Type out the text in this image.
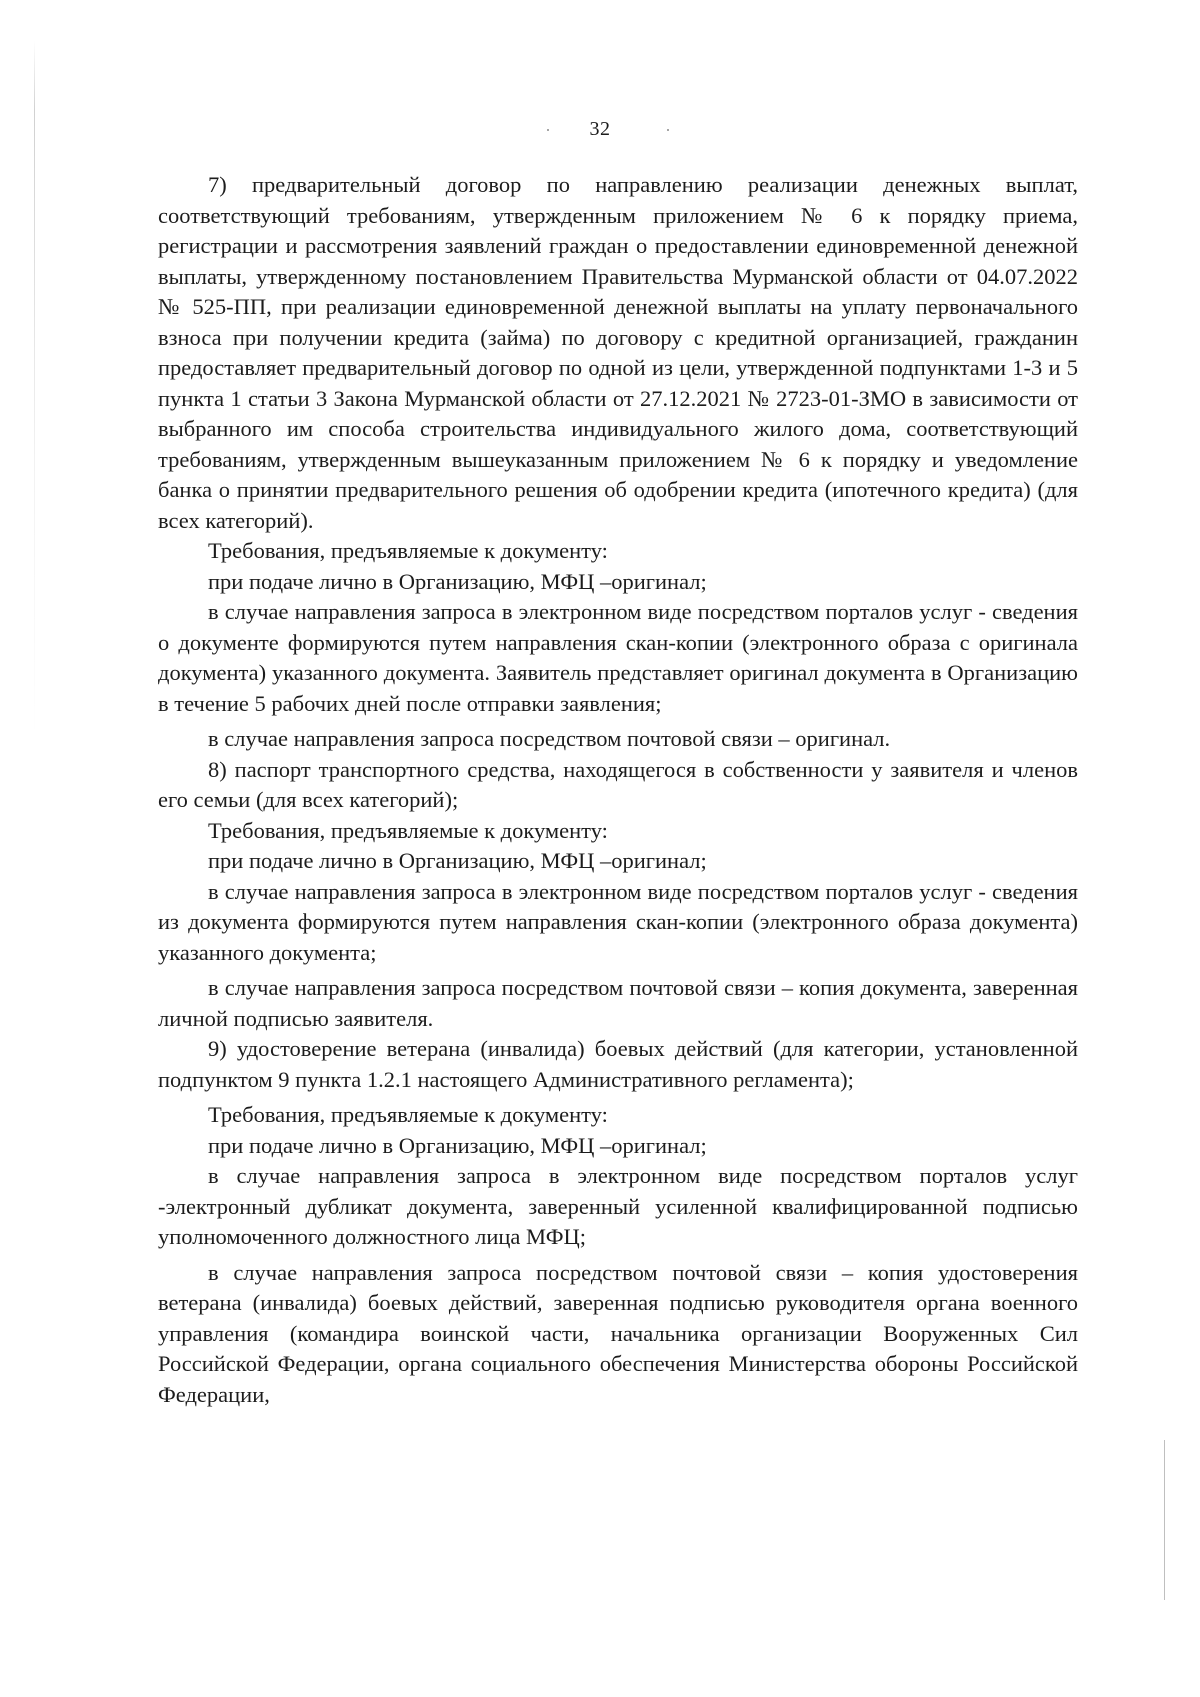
32

7) предварительный договор по направлению реализации денежных выплат, соответствующий требованиям, утвержденным приложением № 6 к порядку приема, регистрации и рассмотрения заявлений граждан о предоставлении единовременной денежной выплаты, утвержденному постановлением Правительства Мурманской области от 04.07.2022 № 525-ПП, при реализации единовременной денежной выплаты на уплату первоначального взноса при получении кредита (займа) по договору с кредитной организацией, гражданин предоставляет предварительный договор по одной из цели, утвержденной подпунктами 1-3 и 5 пункта 1 статьи 3 Закона Мурманской области от 27.12.2021 № 2723-01-ЗМО в зависимости от выбранного им способа строительства индивидуального жилого дома, соответствующий требованиям, утвержденным вышеуказанным приложением № 6 к порядку и уведомление банка о принятии предварительного решения об одобрении кредита (ипотечного кредита) (для всех категорий).

Требования, предъявляемые к документу:

при подаче лично в Организацию, МФЦ –оригинал;

в случае направления запроса в электронном виде посредством порталов услуг - сведения о документе формируются путем направления скан-копии (электронного образа с оригинала документа) указанного документа. Заявитель представляет оригинал документа в Организацию в течение 5 рабочих дней после отправки заявления;

в случае направления запроса посредством почтовой связи – оригинал.

8) паспорт транспортного средства, находящегося в собственности у заявителя и членов его семьи (для всех категорий);

Требования, предъявляемые к документу:

при подаче лично в Организацию, МФЦ –оригинал;

в случае направления запроса в электронном виде посредством порталов услуг - сведения из документа формируются путем направления скан-копии (электронного образа документа) указанного документа;

в случае направления запроса посредством почтовой связи – копия документа, заверенная личной подписью заявителя.

9) удостоверение ветерана (инвалида) боевых действий (для категории, установленной подпунктом 9 пункта 1.2.1 настоящего Административного регламента);

Требования, предъявляемые к документу:

при подаче лично в Организацию, МФЦ –оригинал;

в случае направления запроса в электронном виде посредством порталов услуг -электронный дубликат документа, заверенный усиленной квалифицированной подписью уполномоченного должностного лица МФЦ;

в случае направления запроса посредством почтовой связи – копия удостоверения ветерана (инвалида) боевых действий, заверенная подписью руководителя органа военного управления (командира воинской части, начальника организации Вооруженных Сил Российской Федерации, органа социального обеспечения Министерства обороны Российской Федерации,
